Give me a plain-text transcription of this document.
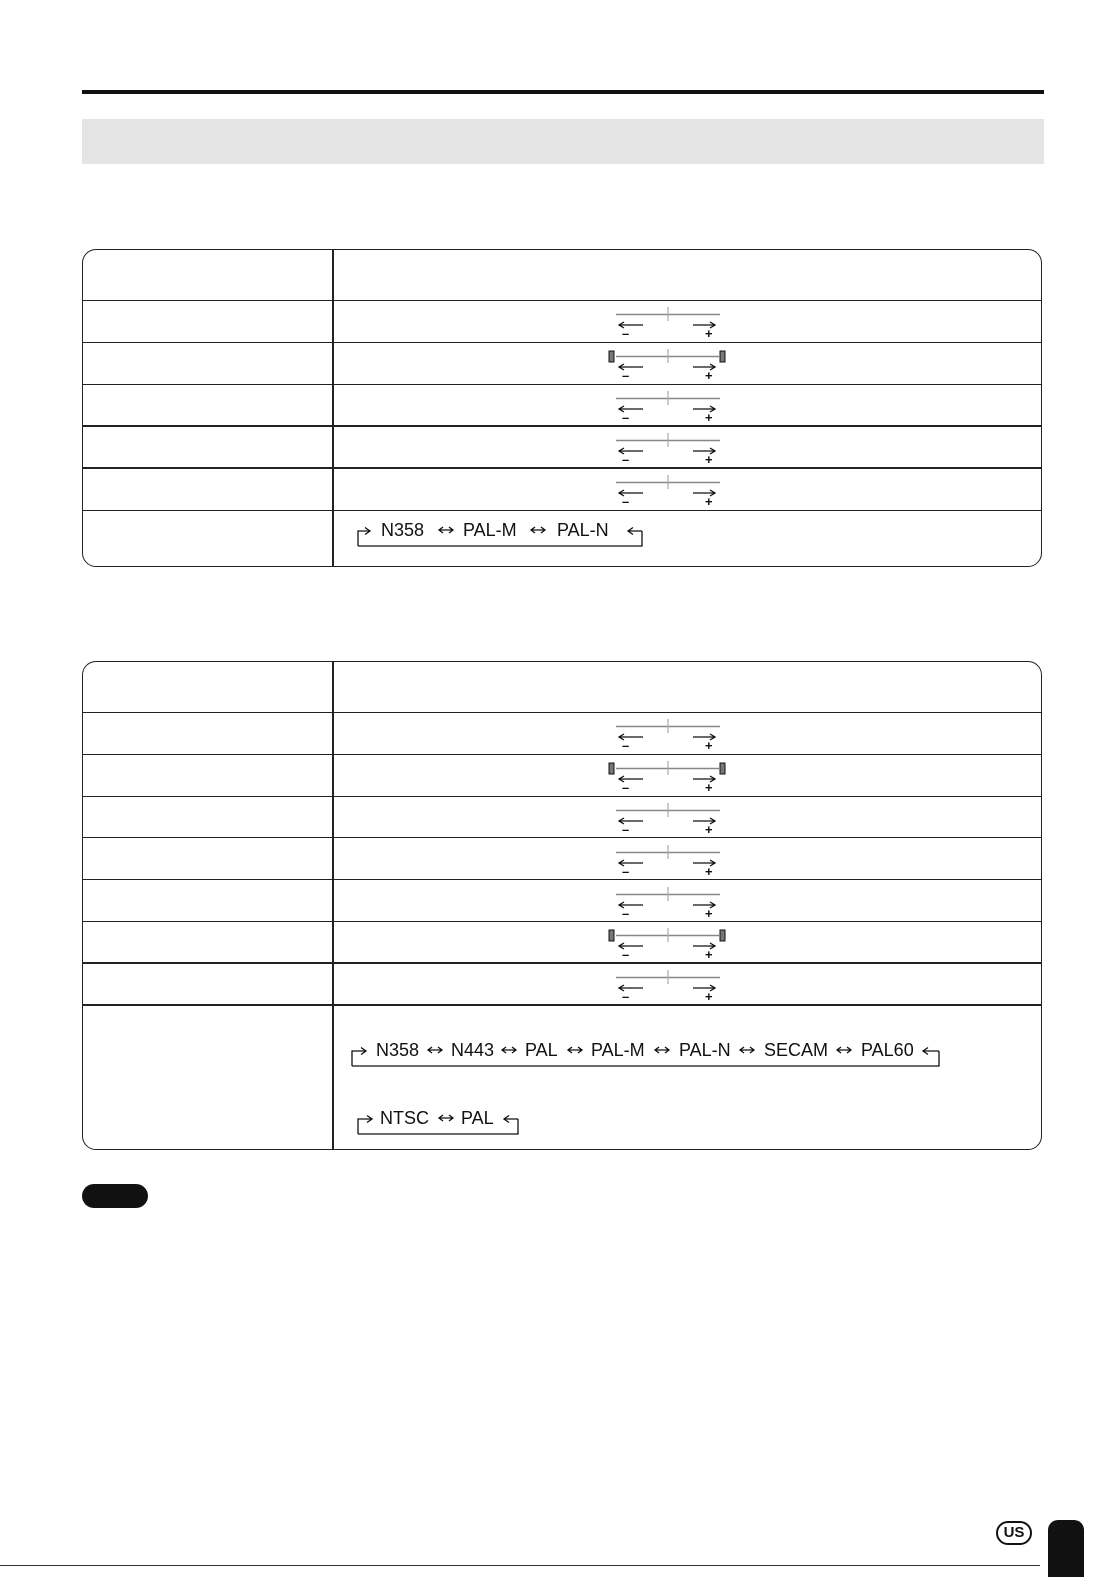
–	+
–	+
–	+
–	+
–	+
N358 PAL-M PAL-N
–	+
–	+
–	+
–	+
–	+
–	+
–	+
N358 N443 PAL PAL-M PAL-N SECAM PAL60
NTSC PAL
US
